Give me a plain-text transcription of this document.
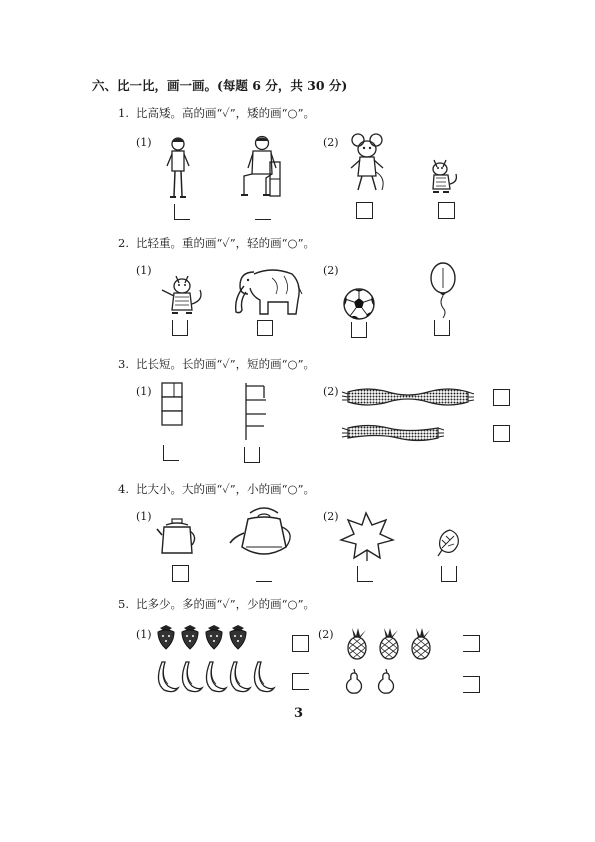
六、比一比，画一画。(每题 6 分，共 30 分)
1. 比高矮。高的画“✓”，矮的画“○”。
(1)	(2)
2. 比轻重。重的画“✓”，轻的画“○”。
(1)	(2)
3. 比长短。长的画“✓”，短的画“○”。
(1)	(2)
4. 比大小。大的画“✓”，小的画“○”。
(1)	(2)
5. 比多少。多的画“✓”，少的画“○”。
(1)	(2)
3
